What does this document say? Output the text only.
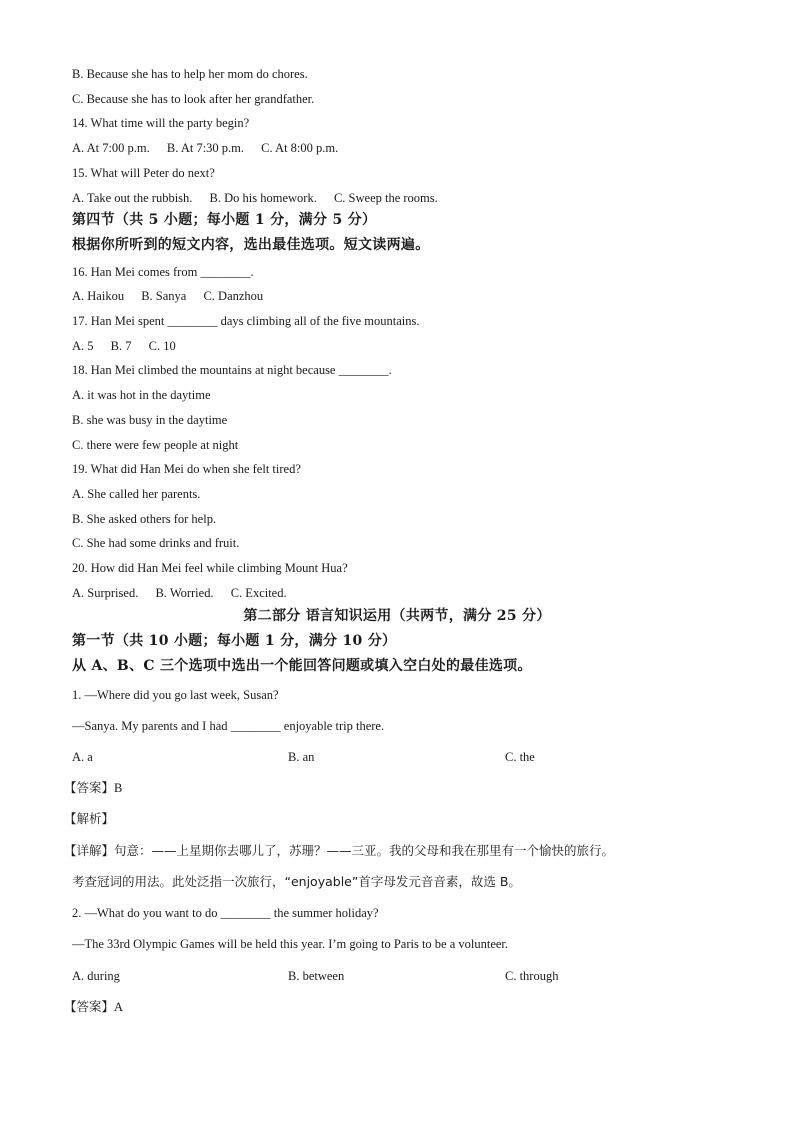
B. Because she has to help her mom do chores.
C. Because she has to look after her grandfather.
14. What time will the party begin?
A. At 7:00 p.m. B. At 7:30 p.m. C. At 8:00 p.m.
15. What will Peter do next?
A. Take out the rubbish. B. Do his homework. C. Sweep the rooms.
第四节（共 5 小题；每小题 1 分，满分 5 分）
根据你所听到的短文内容，选出最佳选项。短文读两遍。
16. Han Mei comes from ________.
A. Haikou B. Sanya C. Danzhou
17. Han Mei spent ________ days climbing all of the five mountains.
A. 5 B. 7 C. 10
18. Han Mei climbed the mountains at night because ________.
A. it was hot in the daytime
B. she was busy in the daytime
C. there were few people at night
19. What did Han Mei do when she felt tired?
A. She called her parents.
B. She asked others for help.
C. She had some drinks and fruit.
20. How did Han Mei feel while climbing Mount Hua?
A. Surprised. B. Worried. C. Excited.
第二部分 语言知识运用（共两节，满分 25 分）
第一节（共 10 小题；每小题 1 分，满分 10 分）
从 A、B、C 三个选项中选出一个能回答问题或填入空白处的最佳选项。
1. —Where did you go last week, Susan?
—Sanya. My parents and I had ________ enjoyable trip there.
A. a	B. an	C. the
【答案】B
【解析】
【详解】句意：——上星期你去哪儿了，苏珊？——三亚。我的父母和我在那里有一个愉快的旅行。
考查冠词的用法。此处泛指一次旅行，“enjoyable”首字母发元音音素，故选 B。
2. —What do you want to do ________ the summer holiday?
—The 33rd Olympic Games will be held this year. I’m going to Paris to be a volunteer.
A. during	B. between	C. through
【答案】A
